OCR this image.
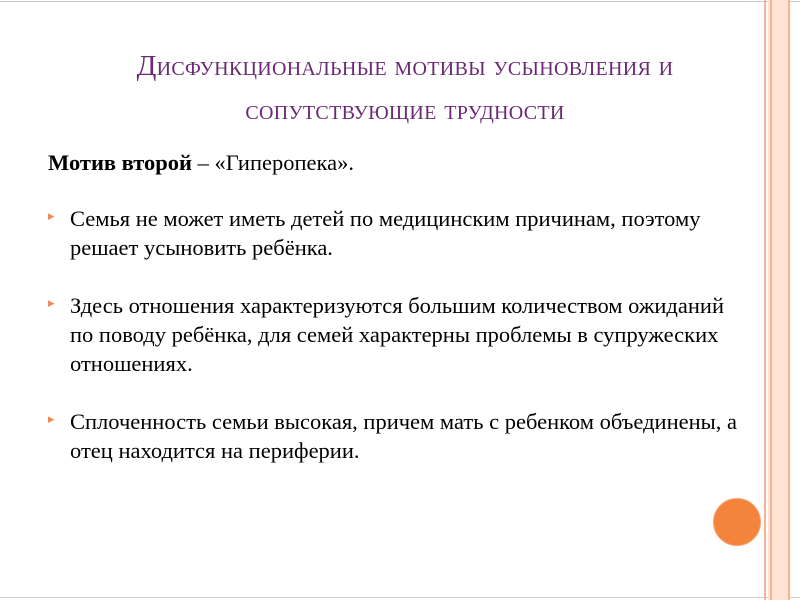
Дисфункциональные мотивы усыновления и сопутствующие трудности
Мотив второй – «Гиперопека».
▸ Семья не может иметь детей по медицинским причинам, поэтому решает усыновить ребёнка.
▸ Здесь отношения характеризуются большим количеством ожиданий по поводу ребёнка, для семей характерны проблемы в супружеских отношениях.
▸ Сплоченность семьи высокая, причем мать с ребенком объединены, а отец находится на периферии.
